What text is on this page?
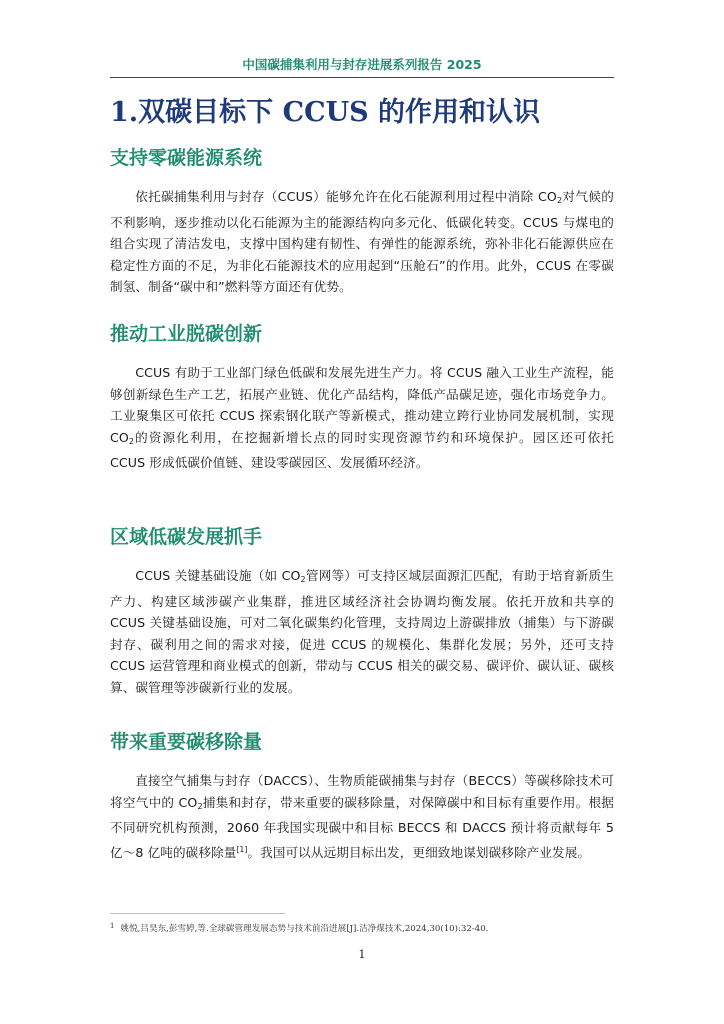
中国碳捕集利用与封存进展系列报告 2025
1.双碳目标下 CCUS 的作用和认识
支持零碳能源系统

依托碳捕集利用与封存（CCUS）能够允许在化石能源利用过程中消除 $CO_2$对气候的不利影响，逐步推动以化石能源为主的能源结构向多元化、低碳化转变。CCUS 与煤电的组合实现了清洁发电，支撑中国构建有韧性、有弹性的能源系统，弥补非化石能源供应在稳定性方面的不足，为非化石能源技术的应用起到“压舱石”的作用。此外，CCUS 在零碳制氢、制备“碳中和”燃料等方面还有优势。

推动工业脱碳创新

CCUS 有助于工业部门绿色低碳和发展先进生产力。将 CCUS 融入工业生产流程，能够创新绿色生产工艺，拓展产业链、优化产品结构，降低产品碳足迹，强化市场竞争力。工业聚集区可依托 CCUS 探索钢化联产等新模式，推动建立跨行业协同发展机制，实现 $CO_2$的资源化利用，在挖掘新增长点的同时实现资源节约和环境保护。园区还可依托 CCUS 形成低碳价值链、建设零碳园区、发展循环经济。

区域低碳发展抓手

CCUS 关键基础设施（如 $CO_2$管网等）可支持区域层面源汇匹配，有助于培育新质生产力、构建区域涉碳产业集群，推进区域经济社会协调均衡发展。依托开放和共享的 CCUS 关键基础设施，可对二氧化碳集约化管理，支持周边上游碳排放（捕集）与下游碳封存、碳利用之间的需求对接，促进 CCUS 的规模化、集群化发展；另外，还可支持 CCUS 运营管理和商业模式的创新，带动与 CCUS 相关的碳交易、碳评价、碳认证、碳核算、碳管理等涉碳新行业的发展。

带来重要碳移除量

直接空气捕集与封存（DACCS）、生物质能碳捕集与封存（BECCS）等碳移除技术可将空气中的 $CO_2$捕集和封存，带来重要的碳移除量，对保障碳中和目标有重要作用。根据不同研究机构预测，2060 年我国实现碳中和目标 BECCS 和 DACCS 预计将贡献每年 5 亿～8 亿吨的碳移除量[1]。我国可以从远期目标出发，更细致地谋划碳移除产业发展。

$^1$ 姚悦,吕昊东,彭雪婷,等.全球碳管理发展态势与技术前沿进展[J].洁净煤技术,2024,30(10):32-40.
1
